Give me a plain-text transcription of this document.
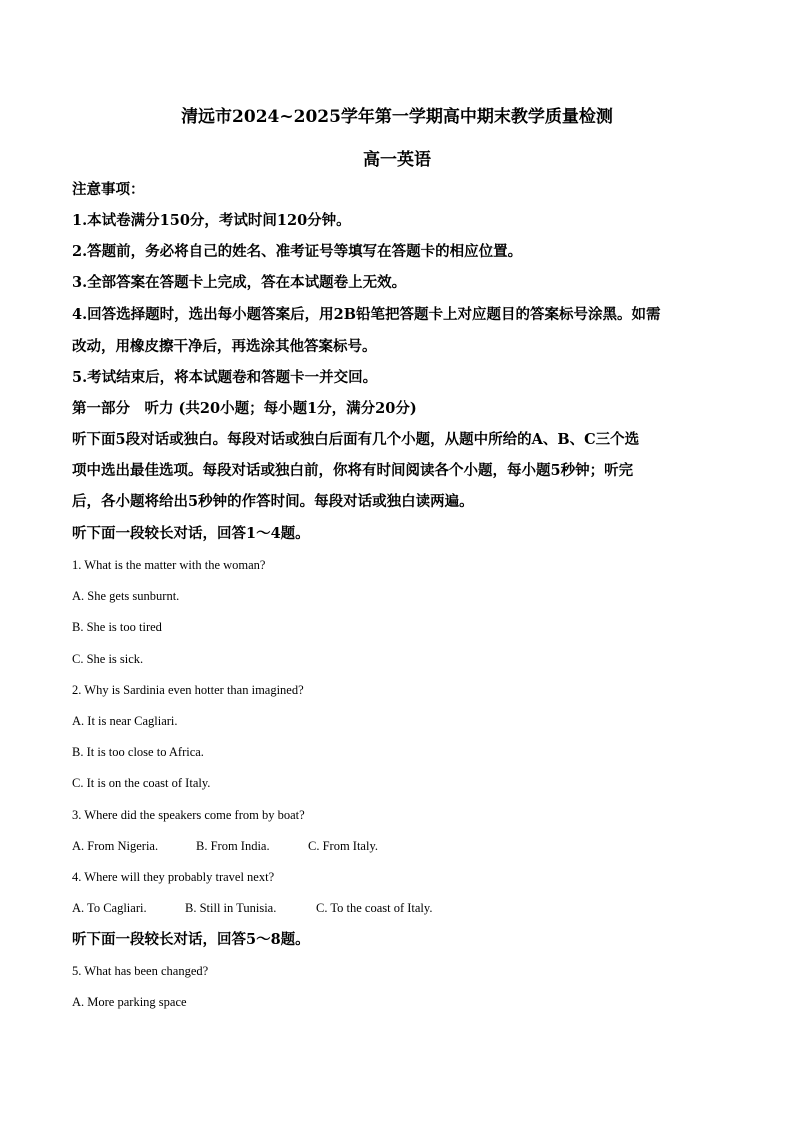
清远市2024~2025学年第一学期高中期末教学质量检测
高一英语
注意事项：
1.本试卷满分150分，考试时间120分钟。
2.答题前，务必将自己的姓名、准考证号等填写在答题卡的相应位置。
3.全部答案在答题卡上完成，答在本试题卷上无效。
4.回答选择题时，选出每小题答案后，用2B铅笔把答题卡上对应题目的答案标号涂黑。如需
改动，用橡皮擦干净后，再选涂其他答案标号。
5.考试结束后，将本试题卷和答题卡一并交回。
第一部分　听力 (共20小题；每小题1分，满分20分)
听下面5段对话或独白。每段对话或独白后面有几个小题，从题中所给的A、B、C三个选
项中选出最佳选项。每段对话或独白前，你将有时间阅读各个小题，每小题5秒钟；听完
后，各小题将给出5秒钟的作答时间。每段对话或独白读两遍。
听下面一段较长对话，回答1～4题。
1. What is the matter with the woman?
A. She gets sunburnt.
B. She is too tired
C. She is sick.
2. Why is Sardinia even hotter than imagined?
A. It is near Cagliari.
B. It is too close to Africa.
C. It is on the coast of Italy.
3. Where did the speakers come from by boat?
A. From Nigeria.	B. From India.	C. From Italy.
4. Where will they probably travel next?
A. To Cagliari.	B. Still in Tunisia.	C. To the coast of Italy.
听下面一段较长对话，回答5～8题。
5. What has been changed?
A. More parking space
